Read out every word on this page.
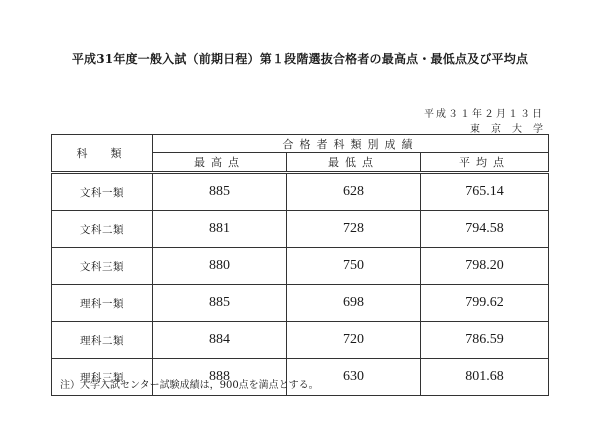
平成31年度一般入試（前期日程）第１段階選抜合格者の最高点・最低点及び平均点
平成３１年２月１３日
東京大学
科　類	合格者科類別成績		
	最高点	最低点	平均点
文科一類	885	628	765.14
文科二類	881	728	794.58
文科三類	880	750	798.20
理科一類	885	698	799.62
理科二類	884	720	786.59
理科三類	888	630	801.68
注）大学入試センター試験成績は，900点を満点とする。
